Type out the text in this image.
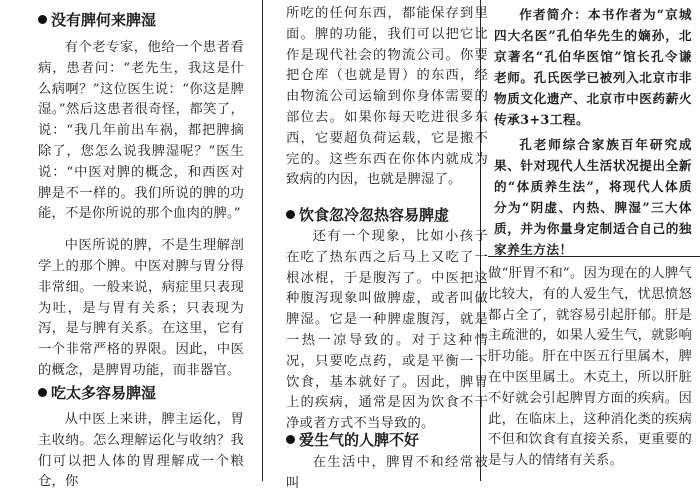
没有脾何来脾湿

有个老专家，他给一个患者看病，患者问：“老先生，我这是什么病啊？”这位医生说：“你这是脾湿。”然后这患者很奇怪，都笑了，说：“我几年前出车祸，都把脾摘除了，您怎么说我脾湿呢？”医生说：“中医对脾的概念，和西医对脾是不一样的。我们所说的脾的功能，不是你所说的那个血肉的脾。”

中医所说的脾，不是生理解剖学上的那个脾。中医对脾与胃分得非常细。一般来说，病症里只表现为吐，是与胃有关系；只表现为泻，是与脾有关系。在这里，它有一个非常严格的界限。因此，中医的概念，是脾胃功能，而非器官。

吃太多容易脾湿

从中医上来讲，脾主运化，胃主收纳。怎么理解运化与收纳？我们可以把人体的胃理解成一个粮仓，你

所吃的任何东西，都能保存到里面。脾的功能，我们可以把它比作是现代社会的物流公司。你要把仓库（也就是胃）的东西，经由物流公司运输到你身体需要的部位去。如果你每天吃进很多东西，它要超负荷运载，它是搬不完的。这些东西在你体内就成为致病的内因，也就是脾湿了。

饮食忽冷忽热容易脾虚

还有一个现象，比如小孩子在吃了热东西之后马上又吃了一根冰棍，于是腹泻了。中医把这种腹泻现象叫做脾虚，或者叫做脾湿。它是一种脾虚腹泻，就是一热一凉导致的。对于这种情况，只要吃点药，或是平衡一下饮食，基本就好了。因此，脾胃上的疾病，通常是因为饮食不干净或者方式不当导致的。

爱生气的人脾不好

在生活中，脾胃不和经常被叫

作者简介：本书作者为“京城四大名医”孔伯华先生的嫡孙，北京著名“孔伯华医馆”馆长孔令谦老师。孔氏医学已被列入北京市非物质文化遗产、北京市中医药薪火传承3+3工程。

孔老师综合家族百年研究成果、针对现代人生活状况提出全新的“体质养生法”，将现代人体质分为“阴虚、内热、脾湿”三大体质，并为你量身定制适合自己的独家养生方法！

做“肝胃不和”。因为现在的人脾气比较大，有的人爱生气，忧思愤怒都占全了，就容易引起肝郁。肝是主疏泄的，如果人爱生气，就影响肝功能。肝在中医五行里属木，脾在中医里属土。木克土，所以肝脏不好就会引起脾胃方面的疾病。因此，在临床上，这种消化类的疾病不但和饮食有直接关系，更重要的是与人的情绪有关系。
